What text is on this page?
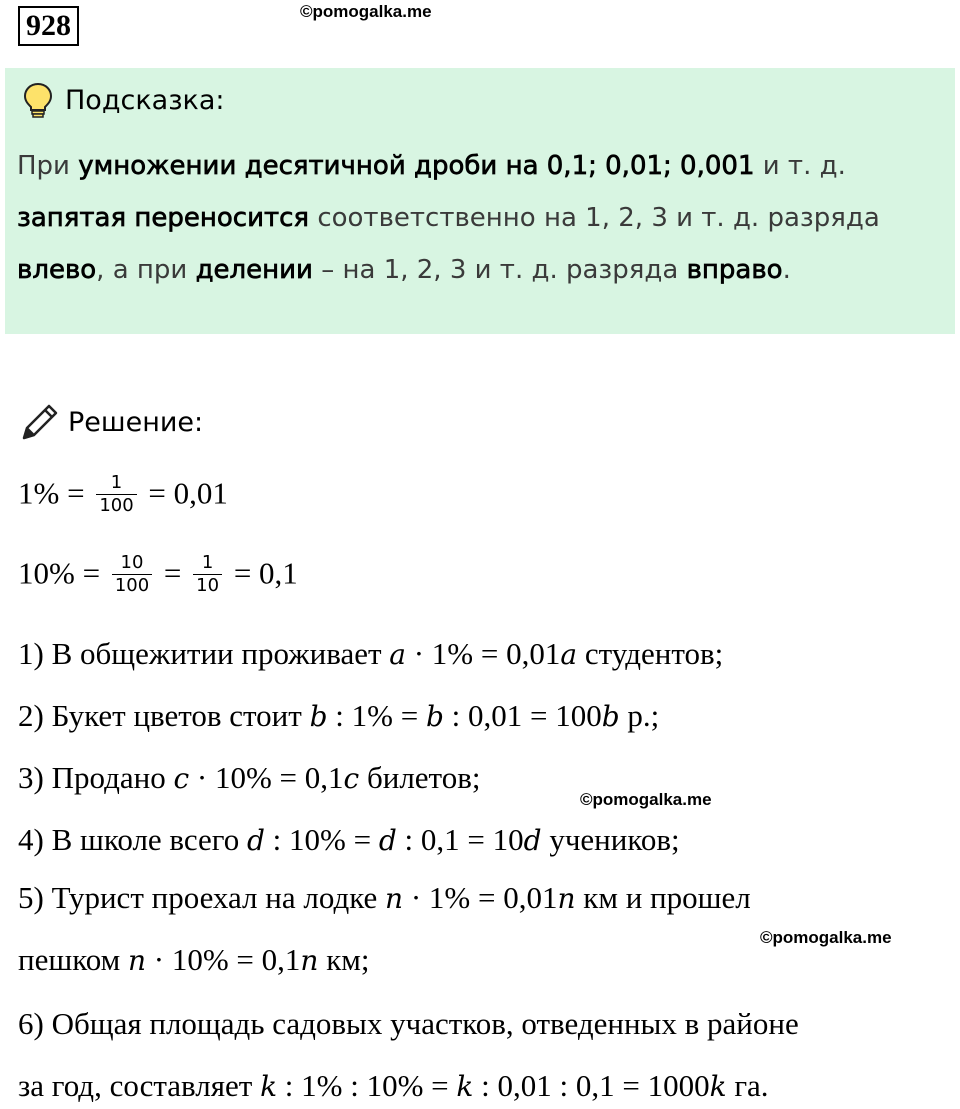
928	©pomogalka.me
Подсказка:
При умножении десятичной дроби на 0,1; 0,01; 0,001 и т. д.
запятая переносится соответственно на 1, 2, 3 и т. д. разряда
влево, а при делении – на 1, 2, 3 и т. д. разряда вправо.
Решение:
$1\% = \frac{1}{100} = 0,01$
$10\% = \frac{10}{100} = \frac{1}{10} = 0,1$
1) В общежитии проживает a · 1% = 0,01a студентов;
2) Букет цветов стоит b : 1% = b : 0,01 = 100b р.;
3) Продано c · 10% = 0,1c билетов;
©pomogalka.me
4) В школе всего d : 10% = d : 0,1 = 10d учеников;
5) Турист проехал на лодке n · 1% = 0,01n км и прошел
пешком n · 10% = 0,1n км;
©pomogalka.me
6) Общая площадь садовых участков, отведенных в районе
за год, составляет k : 1% : 10% = k : 0,01 : 0,1 = 1000k га.
